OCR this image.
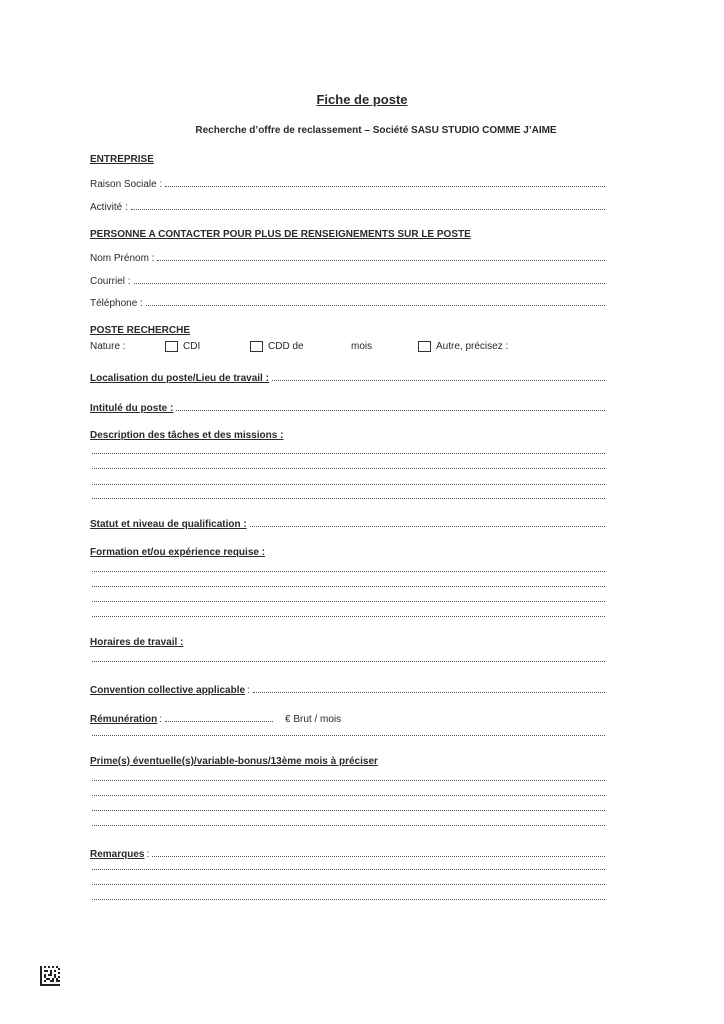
Fiche de poste
Recherche d’offre de reclassement – Société SASU STUDIO COMME J’AIME
ENTREPRISE
Raison Sociale :
Activité :
PERSONNE A CONTACTER POUR PLUS DE RENSEIGNEMENTS SUR LE POSTE
Nom Prénom :
Courriel :
Téléphone :
POSTE RECHERCHE
Nature :	CDI	CDD de	mois	Autre, précisez :
Localisation du poste/Lieu de travail :
Intitulé du poste :
Description des tâches et des missions :
Statut et niveau de qualification :
Formation et/ou expérience requise :
Horaires de travail :
Convention collective applicable :
Rémunération :	€ Brut / mois
Prime(s) éventuelle(s)/variable-bonus/13ème mois à préciser
Remarques :
